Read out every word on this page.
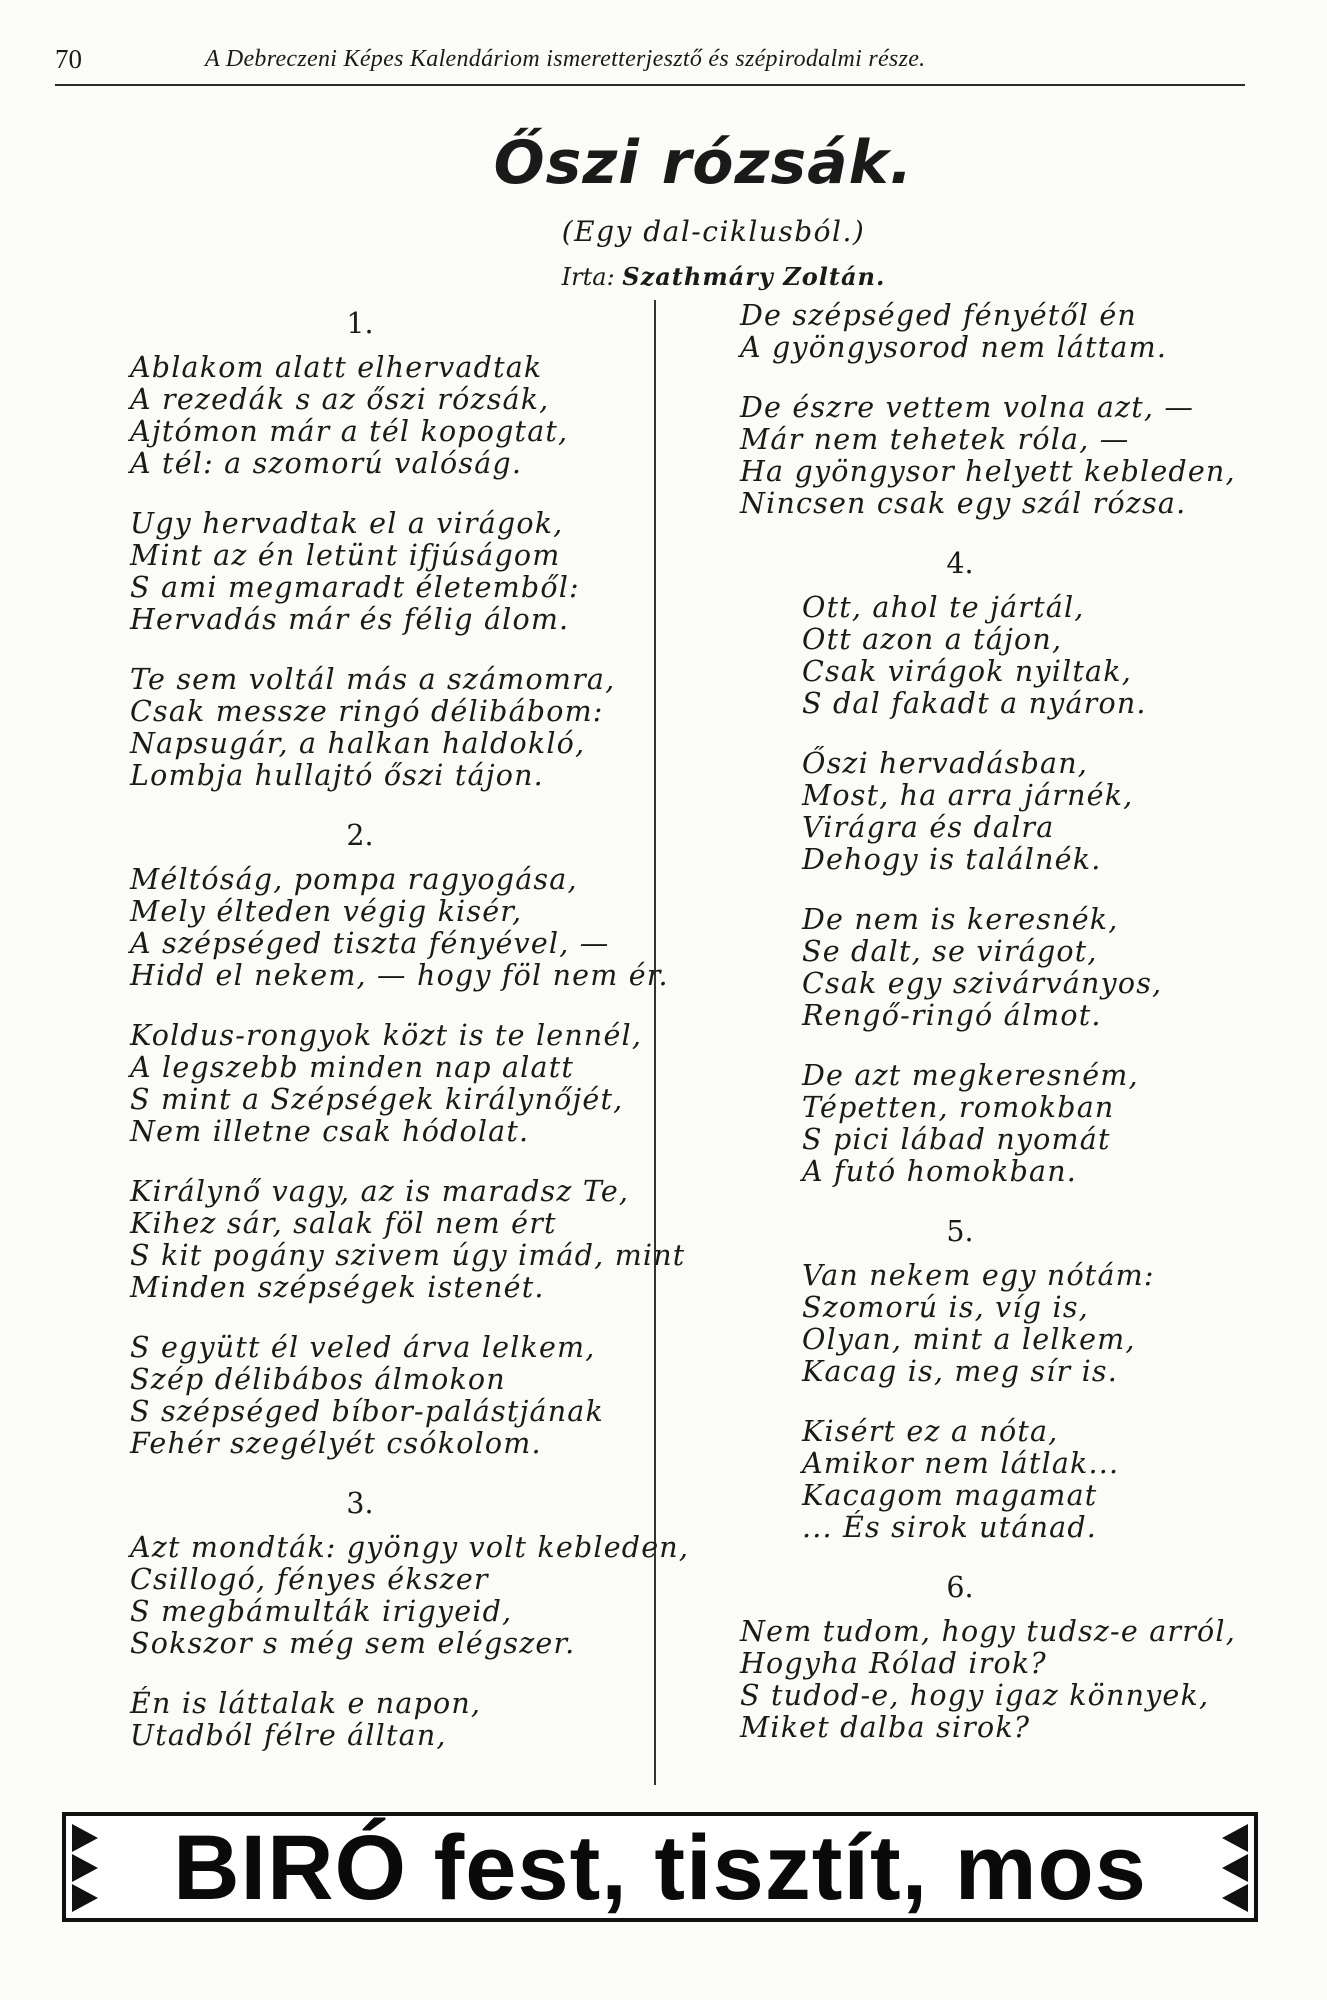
70	A Debreczeni Képes Kalendáriom ismeretterjesztő és szépirodalmi része.
Őszi rózsák.
(Egy dal-ciklusból.)
Irta: Szathmáry Zoltán.
1.
Ablakom alatt elhervadtak
A rezedák s az őszi rózsák,
Ajtómon már a tél kopogtat,
A tél: a szomorú valóság.
Ugy hervadtak el a virágok,
Mint az én letünt ifjúságom
S ami megmaradt életemből:
Hervadás már és félig álom.
Te sem voltál más a számomra,
Csak messze ringó délibábom:
Napsugár, a halkan haldokló,
Lombja hullajtó őszi tájon.
2.
Méltóság, pompa ragyogása,
Mely élteden végig kisér,
A szépséged tiszta fényével, —
Hidd el nekem, — hogy föl nem ér.
Koldus-rongyok közt is te lennél,
A legszebb minden nap alatt
S mint a Szépségek királynőjét,
Nem illetne csak hódolat.
Királynő vagy, az is maradsz Te,
Kihez sár, salak föl nem ért
S kit pogány szivem úgy imád, mint
Minden szépségek istenét.
S együtt él veled árva lelkem,
Szép délibábos álmokon
S szépséged bíbor-palástjának
Fehér szegélyét csókolom.
3.
Azt mondták: gyöngy volt kebleden,
Csillogó, fényes ékszer
S megbámulták irigyeid,
Sokszor s még sem elégszer.
Én is láttalak e napon,
Utadból félre álltan,
De szépséged fényétől én
A gyöngysorod nem láttam.
De észre vettem volna azt, —
Már nem tehetek róla, —
Ha gyöngysor helyett kebleden,
Nincsen csak egy szál rózsa.
4.
Ott, ahol te jártál,
Ott azon a tájon,
Csak virágok nyiltak,
S dal fakadt a nyáron.
Őszi hervadásban,
Most, ha arra járnék,
Virágra és dalra
Dehogy is találnék.
De nem is keresnék,
Se dalt, se virágot,
Csak egy szivárványos,
Rengő-ringó álmot.
De azt megkeresném,
Tépetten, romokban
S pici lábad nyomát
A futó homokban.
5.
Van nekem egy nótám:
Szomorú is, víg is,
Olyan, mint a lelkem,
Kacag is, meg sír is.
Kisért ez a nóta,
Amikor nem látlak...
Kacagom magamat
... És sirok utánad.
6.
Nem tudom, hogy tudsz-e arról,
Hogyha Rólad irok?
S tudod-e, hogy igaz könnyek,
Miket dalba sirok?
BIRÓ fest, tisztít, mos
